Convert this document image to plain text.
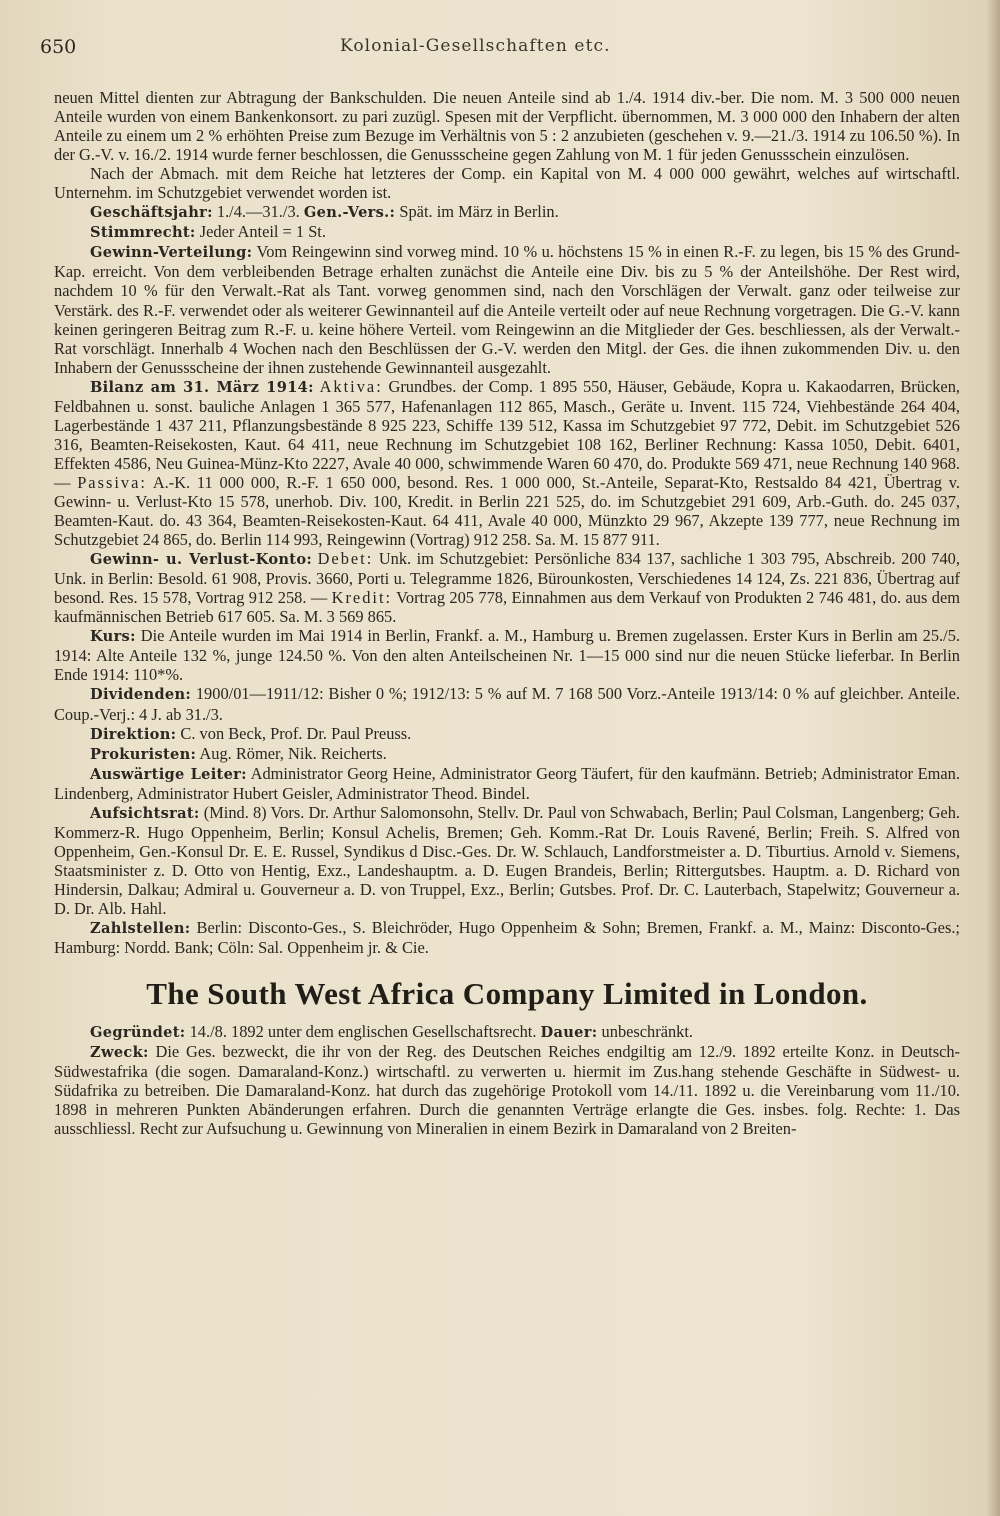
650	Kolonial-Gesellschaften etc.

neuen Mittel dienten zur Abtragung der Bankschulden. Die neuen Anteile sind ab 1./4. 1914 div.-ber. Die nom. M. 3 500 000 neuen Anteile wurden von einem Bankenkonsort. zu pari zuzügl. Spesen mit der Verpflicht. übernommen, M. 3 000 000 den Inhabern der alten Anteile zu einem um 2 % erhöhten Preise zum Bezuge im Verhältnis von 5 : 2 anzubieten (geschehen v. 9.—21./3. 1914 zu 106.50 %). In der G.-V. v. 16./2. 1914 wurde ferner beschlossen, die Genussscheine gegen Zahlung von M. 1 für jeden Genussschein einzulösen.

Nach der Abmach. mit dem Reiche hat letzteres der Comp. ein Kapital von M. 4 000 000 gewährt, welches auf wirtschaftl. Unternehm. im Schutzgebiet verwendet worden ist.

Geschäftsjahr: 1./4.—31./3. Gen.-Vers.: Spät. im März in Berlin.

Stimmrecht: Jeder Anteil = 1 St.

Gewinn-Verteilung: Vom Reingewinn sind vorweg mind. 10 % u. höchstens 15 % in einen R.-F. zu legen, bis 15 % des Grund-Kap. erreicht. Von dem verbleibenden Betrage erhalten zunächst die Anteile eine Div. bis zu 5 % der Anteilshöhe. Der Rest wird, nachdem 10 % für den Verwalt.-Rat als Tant. vorweg genommen sind, nach den Vorschlägen der Verwalt. ganz oder teilweise zur Verstärk. des R.-F. verwendet oder als weiterer Gewinnanteil auf die Anteile verteilt oder auf neue Rechnung vorgetragen. Die G.-V. kann keinen geringeren Beitrag zum R.-F. u. keine höhere Verteil. vom Reingewinn an die Mitglieder der Ges. beschliessen, als der Verwalt.-Rat vorschlägt. Innerhalb 4 Wochen nach den Beschlüssen der G.-V. werden den Mitgl. der Ges. die ihnen zukommenden Div. u. den Inhabern der Genussscheine der ihnen zustehende Gewinnanteil ausgezahlt.

Bilanz am 31. März 1914: Aktiva: Grundbes. der Comp. 1 895 550, Häuser, Gebäude, Kopra u. Kakaodarren, Brücken, Feldbahnen u. sonst. bauliche Anlagen 1 365 577, Hafenanlagen 112 865, Masch., Geräte u. Invent. 115 724, Viehbestände 264 404, Lagerbestände 1 437 211, Pflanzungsbestände 8 925 223, Schiffe 139 512, Kassa im Schutzgebiet 97 772, Debit. im Schutzgebiet 526 316, Beamten-Reisekosten, Kaut. 64 411, neue Rechnung im Schutzgebiet 108 162, Berliner Rechnung: Kassa 1050, Debit. 6401, Effekten 4586, Neu Guinea-Münz-Kto 2227, Avale 40 000, schwimmende Waren 60 470, do. Produkte 569 471, neue Rechnung 140 968. — Passiva: A.-K. 11 000 000, R.-F. 1 650 000, besond. Res. 1 000 000, St.-Anteile, Separat-Kto, Restsaldo 84 421, Übertrag v. Gewinn- u. Verlust-Kto 15 578, unerhob. Div. 100, Kredit. in Berlin 221 525, do. im Schutzgebiet 291 609, Arb.-Guth. do. 245 037, Beamten-Kaut. do. 43 364, Beamten-Reisekosten-Kaut. 64 411, Avale 40 000, Münzkto 29 967, Akzepte 139 777, neue Rechnung im Schutzgebiet 24 865, do. Berlin 114 993, Reingewinn (Vortrag) 912 258. Sa. M. 15 877 911.

Gewinn- u. Verlust-Konto: Debet: Unk. im Schutzgebiet: Persönliche 834 137, sachliche 1 303 795, Abschreib. 200 740, Unk. in Berlin: Besold. 61 908, Provis. 3660, Porti u. Telegramme 1826, Bürounkosten, Verschiedenes 14 124, Zs. 221 836, Übertrag auf besond. Res. 15 578, Vortrag 912 258. — Kredit: Vortrag 205 778, Einnahmen aus dem Verkauf von Produkten 2 746 481, do. aus dem kaufmännischen Betrieb 617 605. Sa. M. 3 569 865.

Kurs: Die Anteile wurden im Mai 1914 in Berlin, Frankf. a. M., Hamburg u. Bremen zugelassen. Erster Kurs in Berlin am 25./5. 1914: Alte Anteile 132 %, junge 124.50 %. Von den alten Anteilscheinen Nr. 1—15 000 sind nur die neuen Stücke lieferbar. In Berlin Ende 1914: 110*%.

Dividenden: 1900/01—1911/12: Bisher 0 %; 1912/13: 5 % auf M. 7 168 500 Vorz.-Anteile 1913/14: 0 % auf gleichber. Anteile. Coup.-Verj.: 4 J. ab 31./3.

Direktion: C. von Beck, Prof. Dr. Paul Preuss.

Prokuristen: Aug. Römer, Nik. Reicherts.

Auswärtige Leiter: Administrator Georg Heine, Administrator Georg Täufert, für den kaufmänn. Betrieb; Administrator Eman. Lindenberg, Administrator Hubert Geisler, Administrator Theod. Bindel.

Aufsichtsrat: (Mind. 8) Vors. Dr. Arthur Salomonsohn, Stellv. Dr. Paul von Schwabach, Berlin; Paul Colsman, Langenberg; Geh. Kommerz-R. Hugo Oppenheim, Berlin; Konsul Achelis, Bremen; Geh. Komm.-Rat Dr. Louis Ravené, Berlin; Freih. S. Alfred von Oppenheim, Gen.-Konsul Dr. E. E. Russel, Syndikus d Disc.-Ges. Dr. W. Schlauch, Landforstmeister a. D. Tiburtius. Arnold v. Siemens, Staatsminister z. D. Otto von Hentig, Exz., Landeshauptm. a. D. Eugen Brandeis, Berlin; Rittergutsbes. Hauptm. a. D. Richard von Hindersin, Dalkau; Admiral u. Gouverneur a. D. von Truppel, Exz., Berlin; Gutsbes. Prof. Dr. C. Lauterbach, Stapelwitz; Gouverneur a. D. Dr. Alb. Hahl.

Zahlstellen: Berlin: Disconto-Ges., S. Bleichröder, Hugo Oppenheim & Sohn; Bremen, Frankf. a. M., Mainz: Disconto-Ges.; Hamburg: Nordd. Bank; Cöln: Sal. Oppenheim jr. & Cie.

The South West Africa Company Limited in London.

Gegründet: 14./8. 1892 unter dem englischen Gesellschaftsrecht. Dauer: unbeschränkt.

Zweck: Die Ges. bezweckt, die ihr von der Reg. des Deutschen Reiches endgiltig am 12./9. 1892 erteilte Konz. in Deutsch-Südwestafrika (die sogen. Damaraland-Konz.) wirtschaftl. zu verwerten u. hiermit im Zus.hang stehende Geschäfte in Südwest- u. Südafrika zu betreiben. Die Damaraland-Konz. hat durch das zugehörige Protokoll vom 14./11. 1892 u. die Vereinbarung vom 11./10. 1898 in mehreren Punkten Abänderungen erfahren. Durch die genannten Verträge erlangte die Ges. insbes. folg. Rechte: 1. Das ausschliessl. Recht zur Aufsuchung u. Gewinnung von Mineralien in einem Bezirk in Damaraland von 2 Breiten-
